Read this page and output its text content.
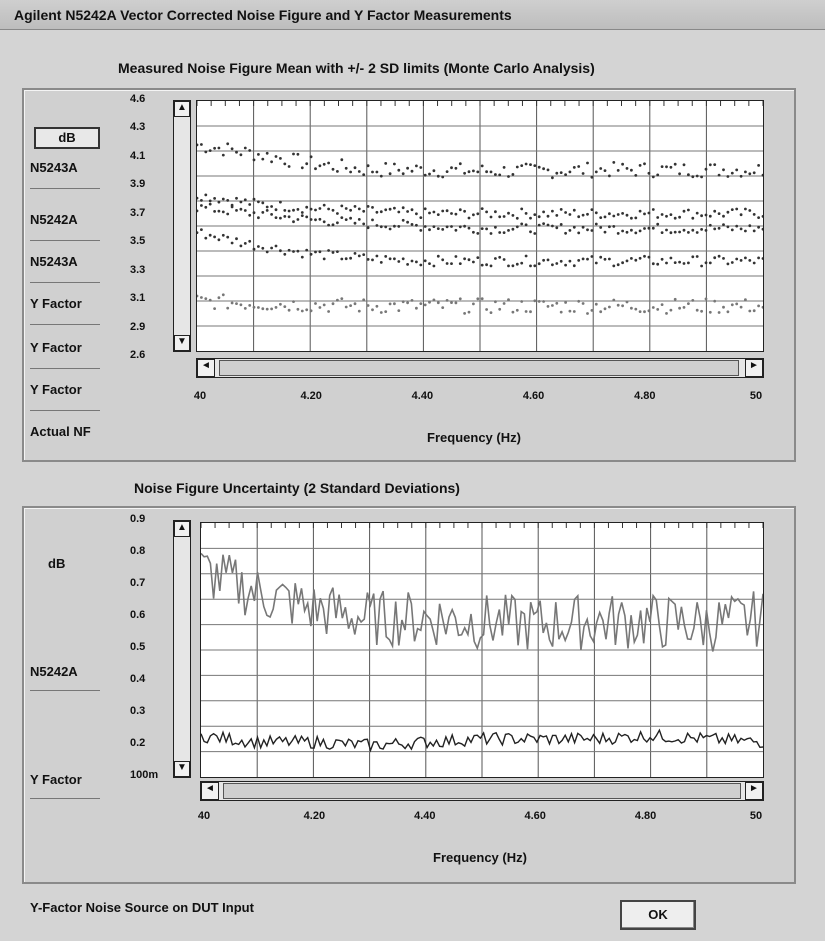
Agilent N5242A Vector Corrected Noise Figure and Y Factor Measurements
Measured Noise Figure Mean with +/- 2 SD limits (Monte Carlo Analysis)
dB
N5243A
N5242A
N5243A
Y Factor
Y Factor
Y Factor
Actual NF
4.6
4.3
4.1
3.9
3.7
3.5
3.3
3.1
2.9
2.6
▲
▼
◄	►
40	4.20	4.40	4.60	4.80	50
Frequency (Hz)
Noise Figure Uncertainty (2 Standard Deviations)
dB
N5242A
Y Factor
0.9
0.8
0.7
0.6
0.5
0.4
0.3
0.2
100m
▲
▼
◄	►
40	4.20	4.40	4.60	4.80	50
Frequency (Hz)
Y-Factor Noise Source on DUT Input	OK
